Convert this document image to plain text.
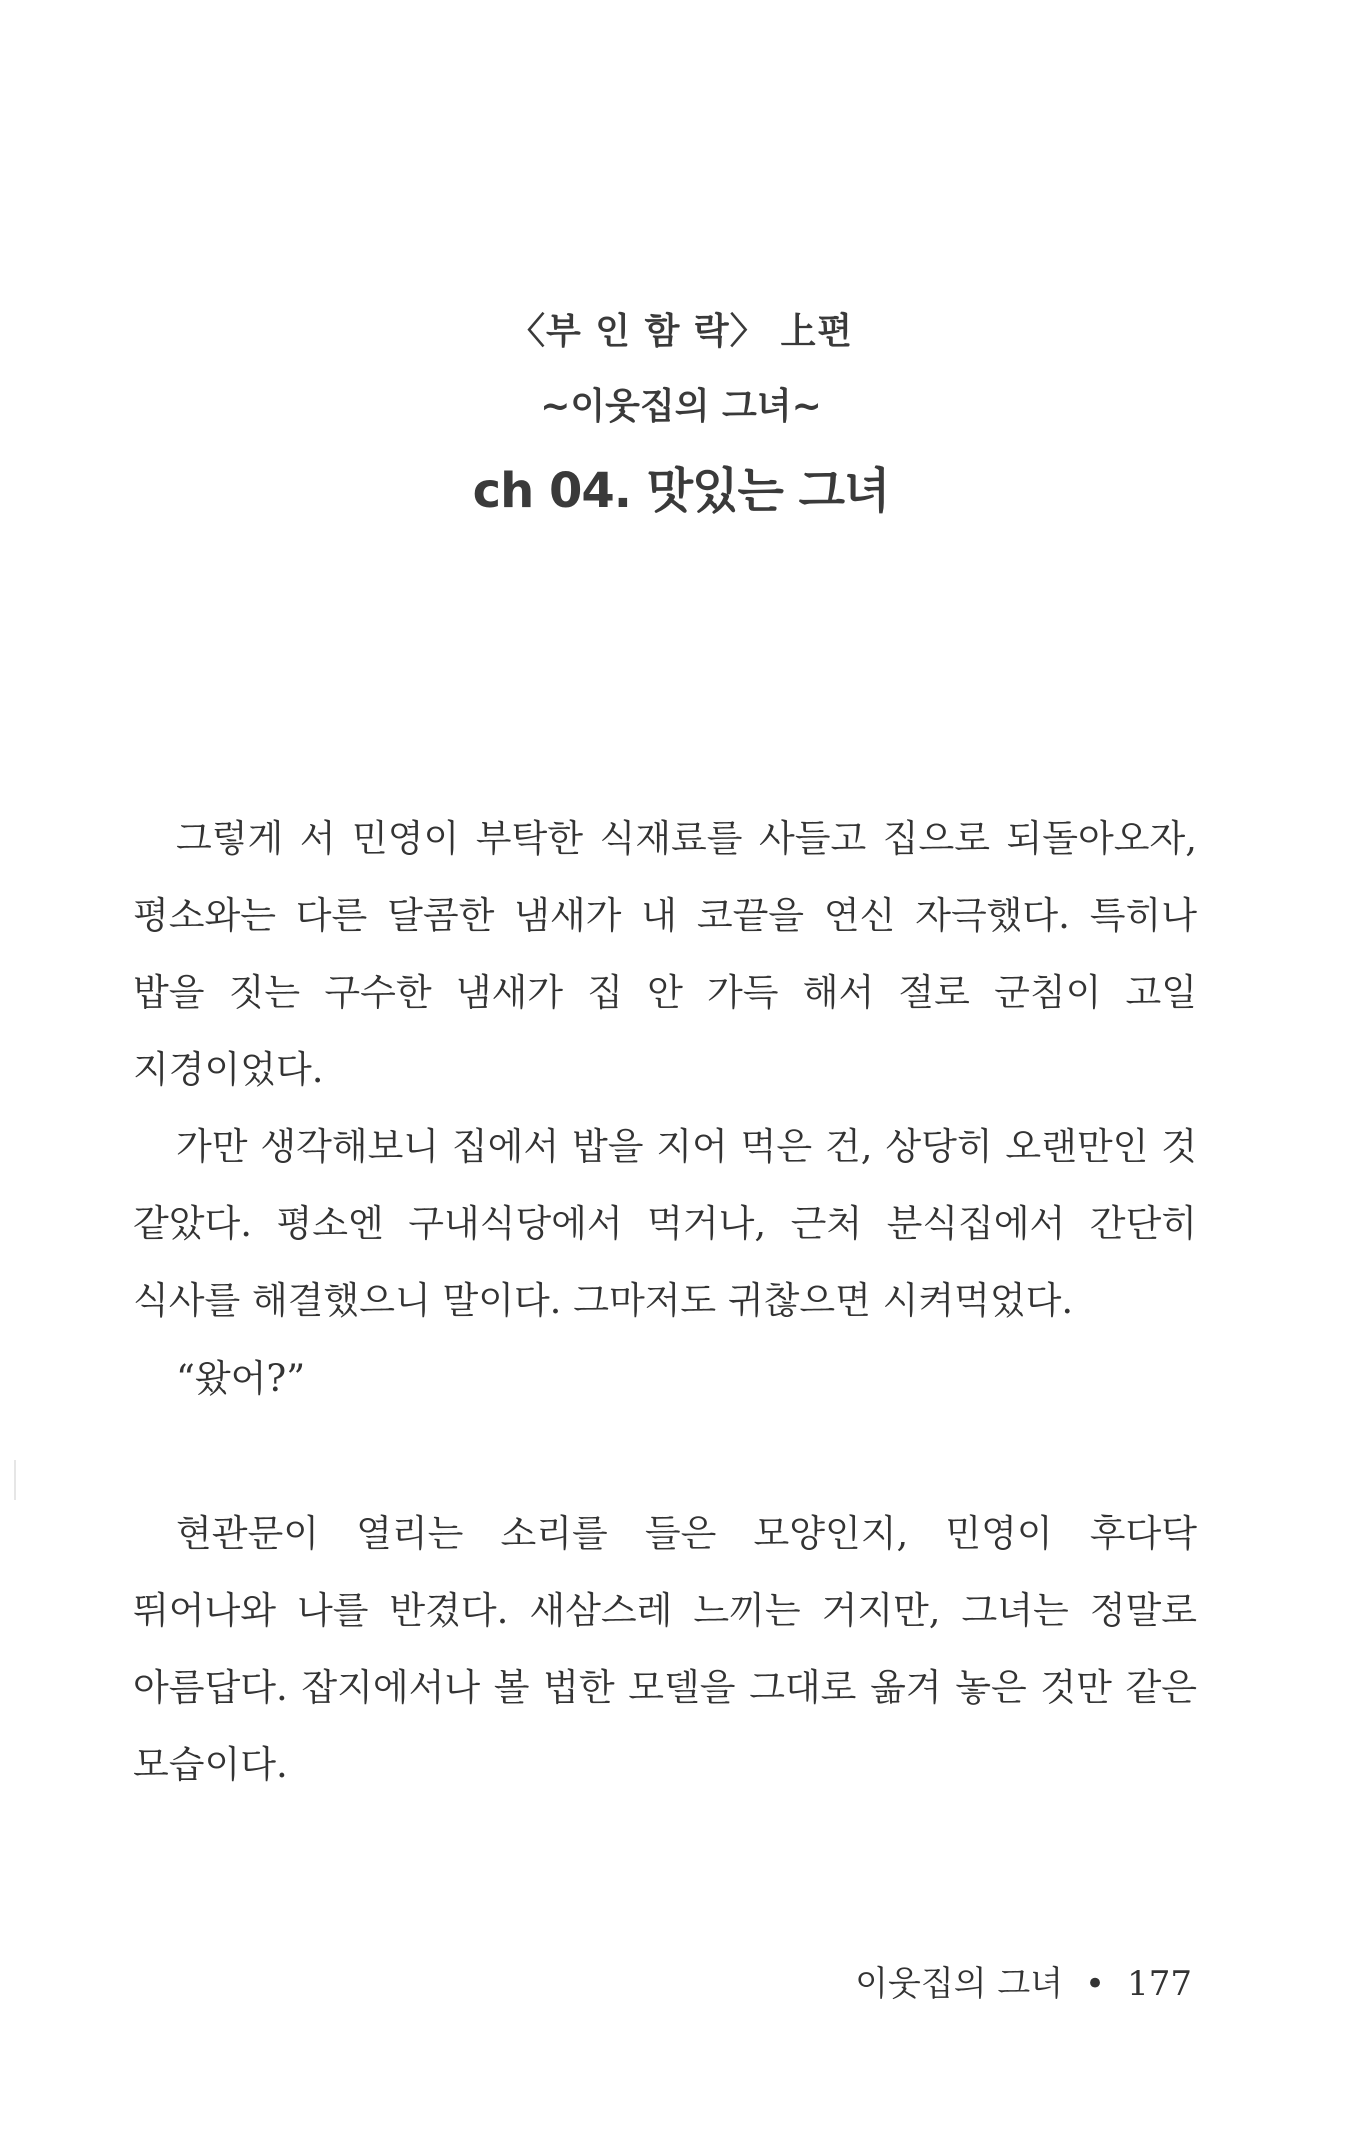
〈부 인 함 락〉 上편
~이웃집의 그녀~
ch 04. 맛있는 그녀

그렇게 서 민영이 부탁한 식재료를 사들고 집으로 되돌아오자, 평소와는 다른 달콤한 냄새가 내 코끝을 연신 자극했다. 특히나 밥을 짓는 구수한 냄새가 집 안 가득 해서 절로 군침이 고일 지경이었다.

가만 생각해보니 집에서 밥을 지어 먹은 건, 상당히 오랜만인 것 같았다. 평소엔 구내식당에서 먹거나, 근처 분식집에서 간단히 식사를 해결했으니 말이다. 그마저도 귀찮으면 시켜먹었다.

“왔어?”

현관문이 열리는 소리를 들은 모양인지, 민영이 후다닥 뛰어나와 나를 반겼다. 새삼스레 느끼는 거지만, 그녀는 정말로 아름답다. 잡지에서나 볼 법한 모델을 그대로 옮겨 놓은 것만 같은 모습이다.

이웃집의 그녀 • 177
